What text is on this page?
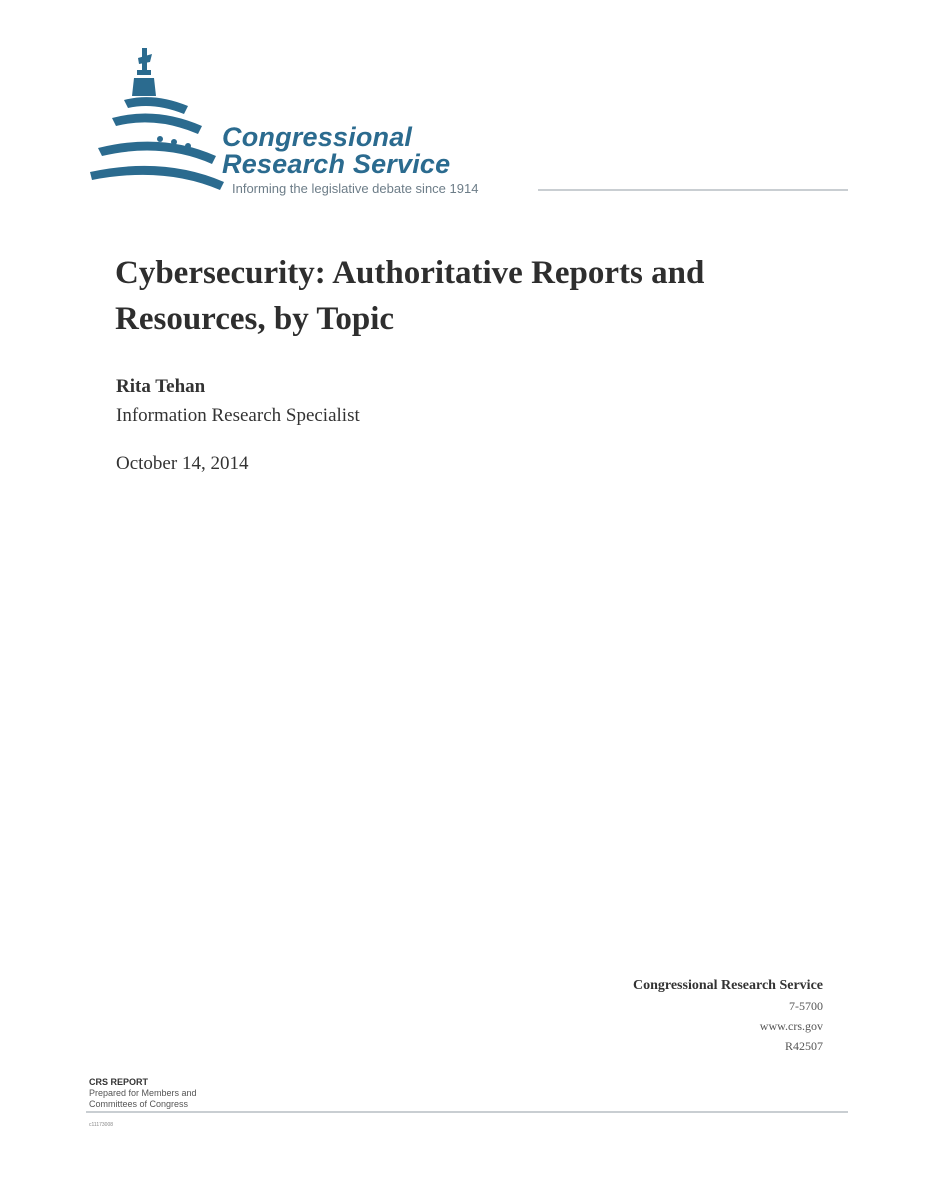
Congressional
Research Service
Informing the legislative debate since 1914
Cybersecurity: Authoritative Reports and Resources, by Topic
Rita Tehan
Information Research Specialist
October 14, 2014
Congressional Research Service
7-5700
www.crs.gov
R42507
CRS REPORT
Prepared for Members and
Committees of Congress
c11173008
